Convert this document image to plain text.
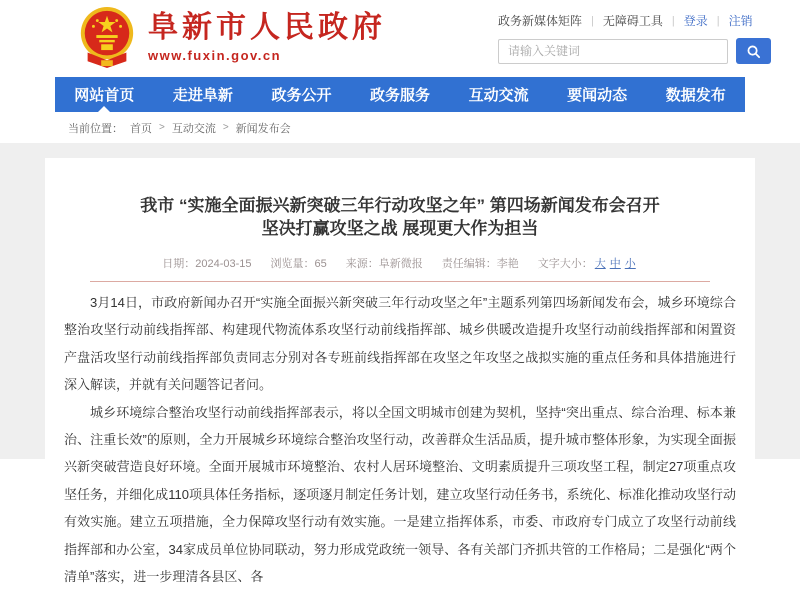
阜新市人民政府
www.fuxin.gov.cn
政务新媒体矩阵 | 无障碍工具 | 登录 | 注销
请输入关键词
网站首页	走进阜新	政务公开	政务服务	互动交流	要闻动态	数据发布
当前位置： 首页 > 互动交流 > 新闻发布会
我市 “实施全面振兴新突破三年行动攻坚之年” 第四场新闻发布会召开
坚决打赢攻坚之战 展现更大作为担当
日期：2024-03-15 浏览量：65 来源：阜新微报 责任编辑：李艳 文字大小： 大 中 小

3月14日，市政府新闻办召开“实施全面振兴新突破三年行动攻坚之年”主题系列第四场新闻发布会，城乡环境综合整治攻坚行动前线指挥部、构建现代物流体系攻坚行动前线指挥部、城乡供暖改造提升攻坚行动前线指挥部和闲置资产盘活攻坚行动前线指挥部负责同志分别对各专班前线指挥部在攻坚之年攻坚之战拟实施的重点任务和具体措施进行深入解读，并就有关问题答记者问。

城乡环境综合整治攻坚行动前线指挥部表示，将以全国文明城市创建为契机，坚持“突出重点、综合治理、标本兼治、注重长效”的原则，全力开展城乡环境综合整治攻坚行动，改善群众生活品质，提升城市整体形象，为实现全面振兴新突破营造良好环境。全面开展城市环境整治、农村人居环境整治、文明素质提升三项攻坚工程，制定27项重点攻坚任务，并细化成110项具体任务指标，逐项逐月制定任务计划，建立攻坚行动任务书，系统化、标准化推动攻坚行动有效实施。建立五项措施，全力保障攻坚行动有效实施。一是建立指挥体系，市委、市政府专门成立了攻坚行动前线指挥部和办公室，34家成员单位协同联动，努力形成党政统一领导、各有关部门齐抓共管的工作格局；二是强化“两个清单”落实，进一步理清各县区、各
